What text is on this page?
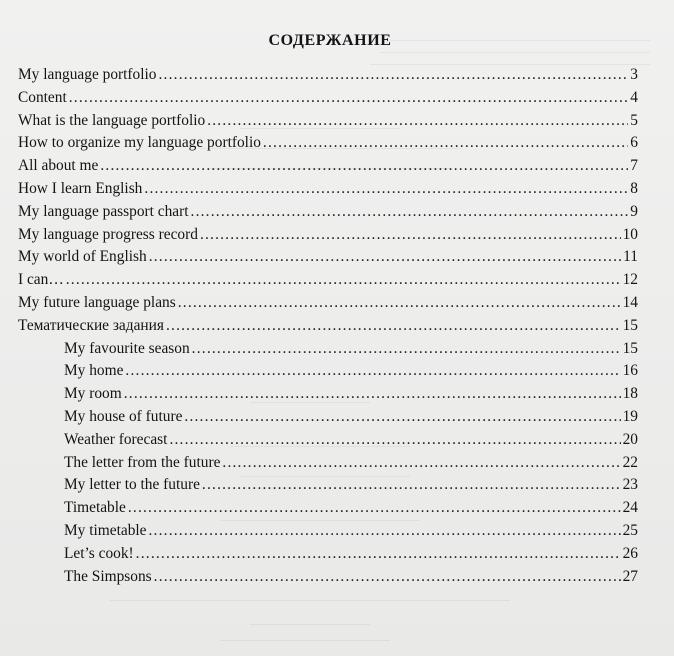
СОДЕРЖАНИЕ
My language portfolio .....	3
Content .....	4
What is the language portfolio .....	5
How to organize my language portfolio .....	6
All about me .....	7
How I learn English .....	8
My language passport chart .....	9
My language progress record .....	10
My world of English .....	11
I can… .....	12
My future language plans .....	14
Тематические задания .....	15
My favourite season .....	15
My home .....	16
My room .....	18
My house of future .....	19
Weather forecast .....	20
The letter from the future .....	22
My letter to the future .....	23
Timetable .....	24
My timetable .....	25
Let’s cook! .....	26
The Simpsons .....	27
